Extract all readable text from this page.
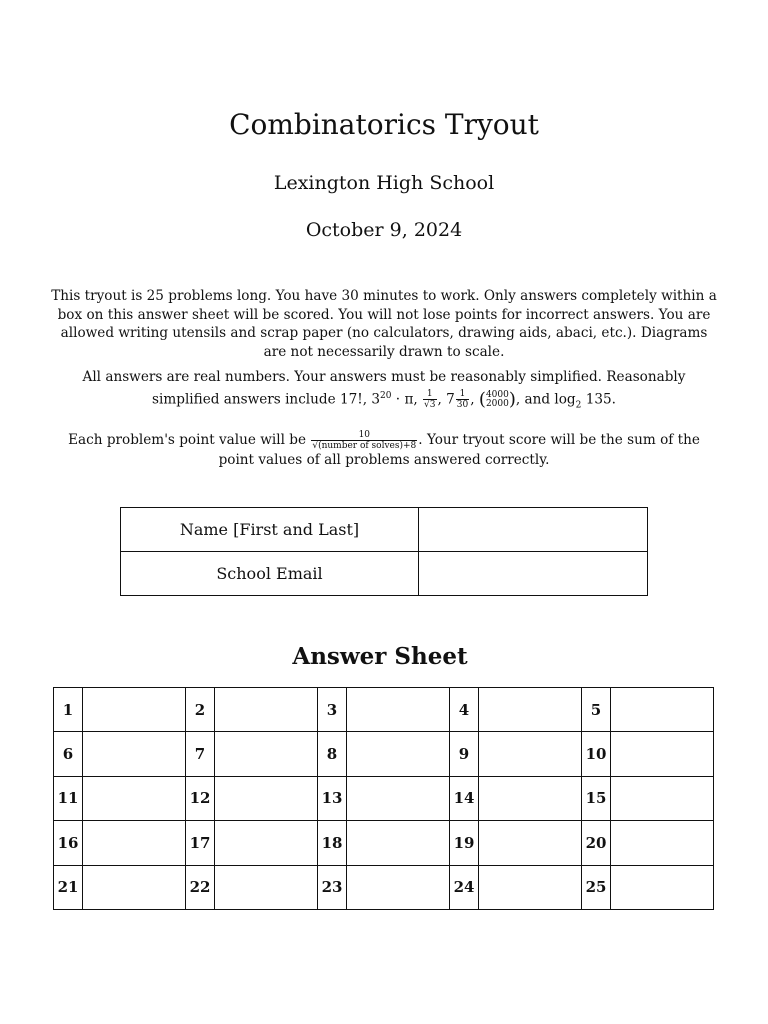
Combinatorics Tryout
Lexington High School
October 9, 2024
This tryout is 25 problems long. You have 30 minutes to work. Only answers completely within a box on this answer sheet will be scored. You will not lose points for incorrect answers. You are allowed writing utensils and scrap paper (no calculators, drawing aids, abaci, etc.). Diagrams are not necessarily drawn to scale.
All answers are real numbers. Your answers must be reasonably simplified. Reasonably simplified answers include 17!, $3^{20} \cdot \pi$, $\frac{1}{√3}$ , $7 \frac{1}{30}$ , ( 4000
2000 ), and $\log_2 135$.
Each problem's point value will be $\frac{10}{\text{√(number of solves)+8}}$ . Your tryout score will be the sum of the point values of all problems answered correctly.
Name [First and Last]	
School Email	
Answer Sheet
1		2		3		4		5	
6		7		8		9		10	
11		12		13		14		15	
16		17		18		19		20	
21		22		23		24		25	
